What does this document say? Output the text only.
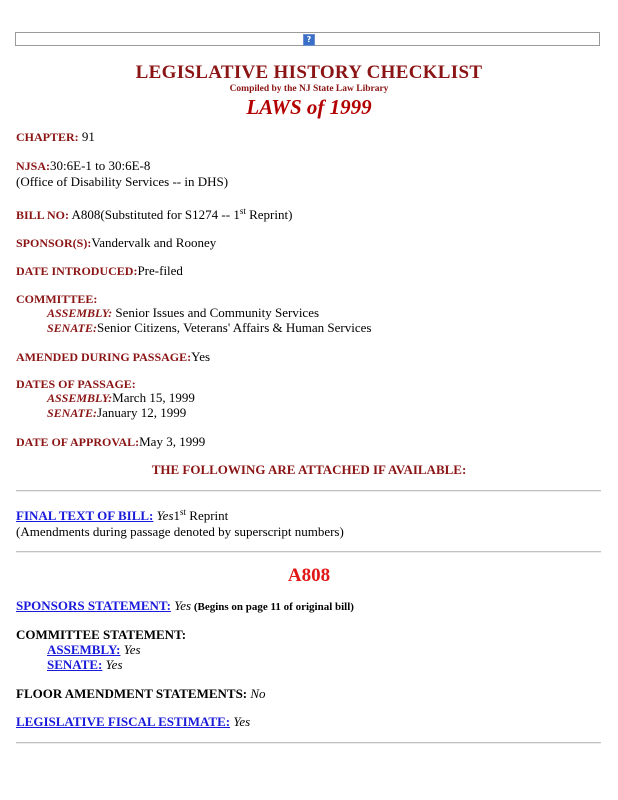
?
LEGISLATIVE HISTORY CHECKLIST
Compiled by the NJ State Law Library
LAWS of 1999
CHAPTER: 91
NJSA:30:6E-1 to 30:6E-8
(Office of Disability Services -- in DHS)
BILL NO: A808(Substituted for S1274 -- 1st Reprint)
SPONSOR(S):Vandervalk and Rooney
DATE INTRODUCED:Pre-filed
COMMITTEE:
ASSEMBLY: Senior Issues and Community Services
SENATE:Senior Citizens, Veterans' Affairs & Human Services
AMENDED DURING PASSAGE:Yes
DATES OF PASSAGE:
ASSEMBLY:March 15, 1999
SENATE:January 12, 1999
DATE OF APPROVAL:May 3, 1999
THE FOLLOWING ARE ATTACHED IF AVAILABLE:
FINAL TEXT OF BILL: Yes1st Reprint
(Amendments during passage denoted by superscript numbers)
A808
SPONSORS STATEMENT: Yes (Begins on page 11 of original bill)
COMMITTEE STATEMENT:
ASSEMBLY: Yes
SENATE: Yes
FLOOR AMENDMENT STATEMENTS: No
LEGISLATIVE FISCAL ESTIMATE: Yes
